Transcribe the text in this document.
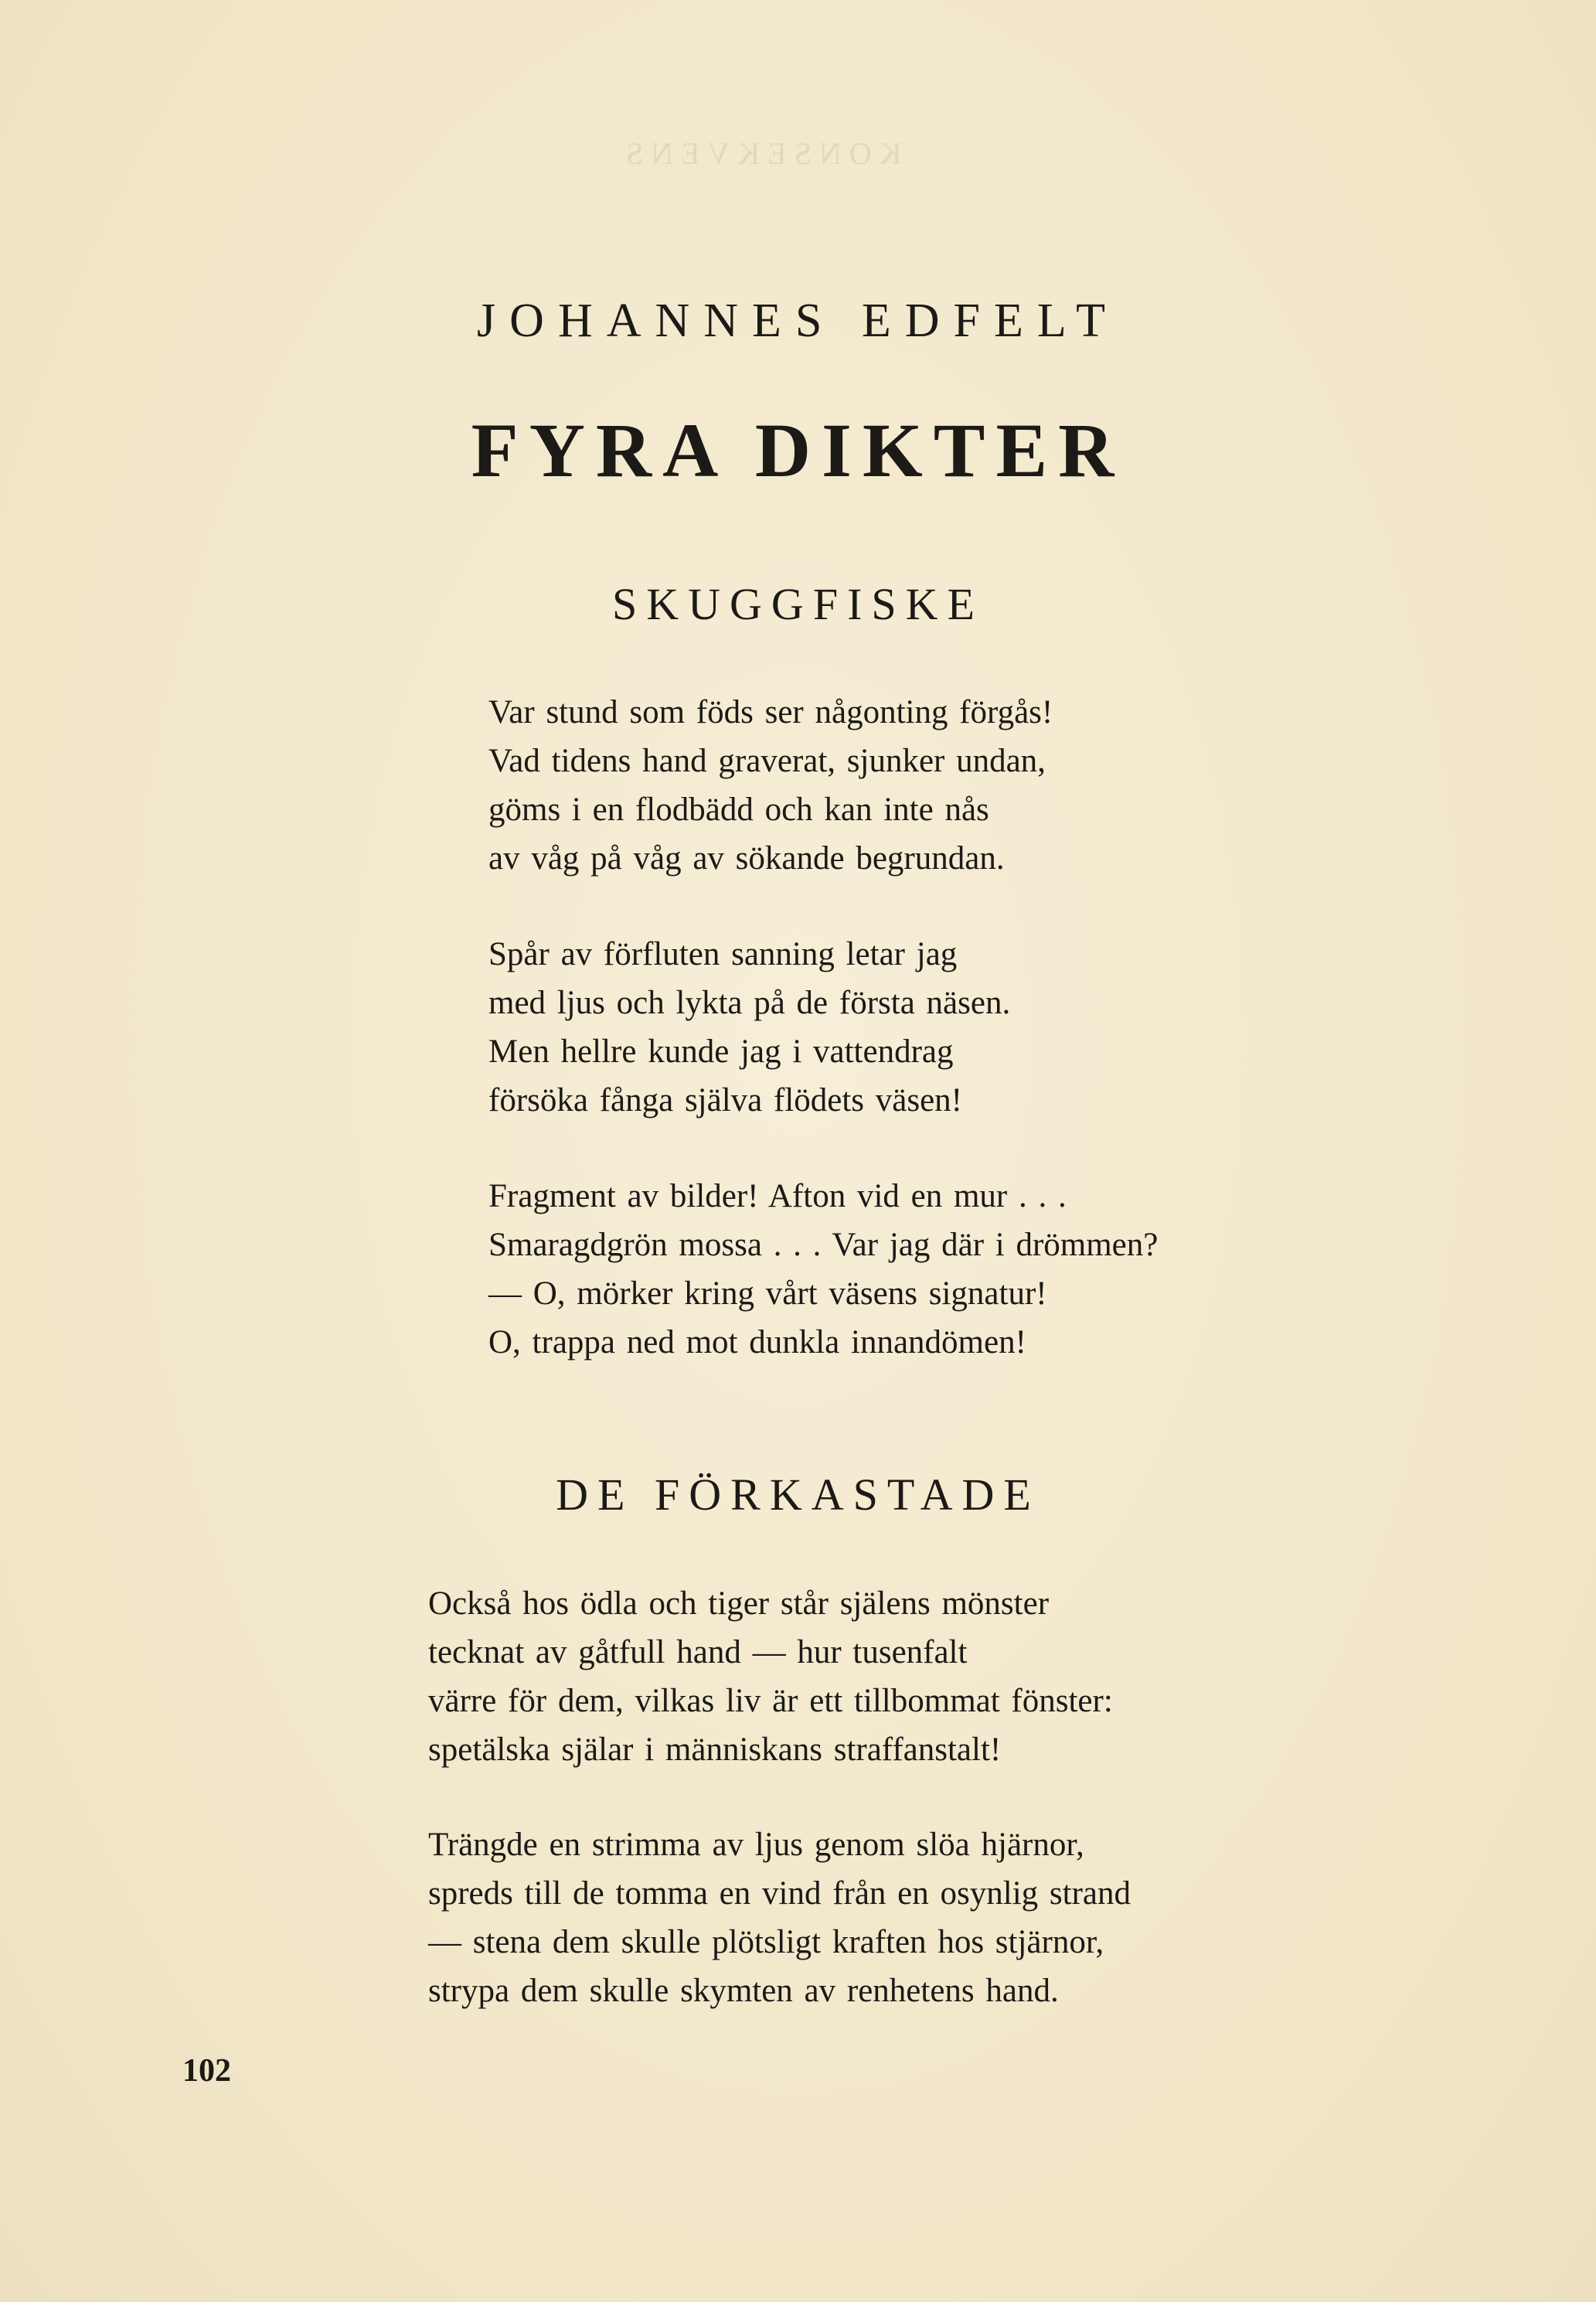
KONSEKVENS
JOHANNES EDFELT
FYRA DIKTER
SKUGGFISKE
Var stund som föds ser någonting förgås!
Vad tidens hand graverat, sjunker undan,
göms i en flodbädd och kan inte nås
av våg på våg av sökande begrundan.
Spår av förfluten sanning letar jag
med ljus och lykta på de första näsen.
Men hellre kunde jag i vattendrag
försöka fånga själva flödets väsen!
Fragment av bilder! Afton vid en mur . . .
Smaragdgrön mossa . . . Var jag där i drömmen?
— O, mörker kring vårt väsens signatur!
O, trappa ned mot dunkla innandömen!
DE FÖRKASTADE
Också hos ödla och tiger står själens mönster
tecknat av gåtfull hand — hur tusenfalt
värre för dem, vilkas liv är ett tillbommat fönster:
spetälska själar i människans straffanstalt!
Trängde en strimma av ljus genom slöa hjärnor,
spreds till de tomma en vind från en osynlig strand
— stena dem skulle plötsligt kraften hos stjärnor,
strypa dem skulle skymten av renhetens hand.
102
